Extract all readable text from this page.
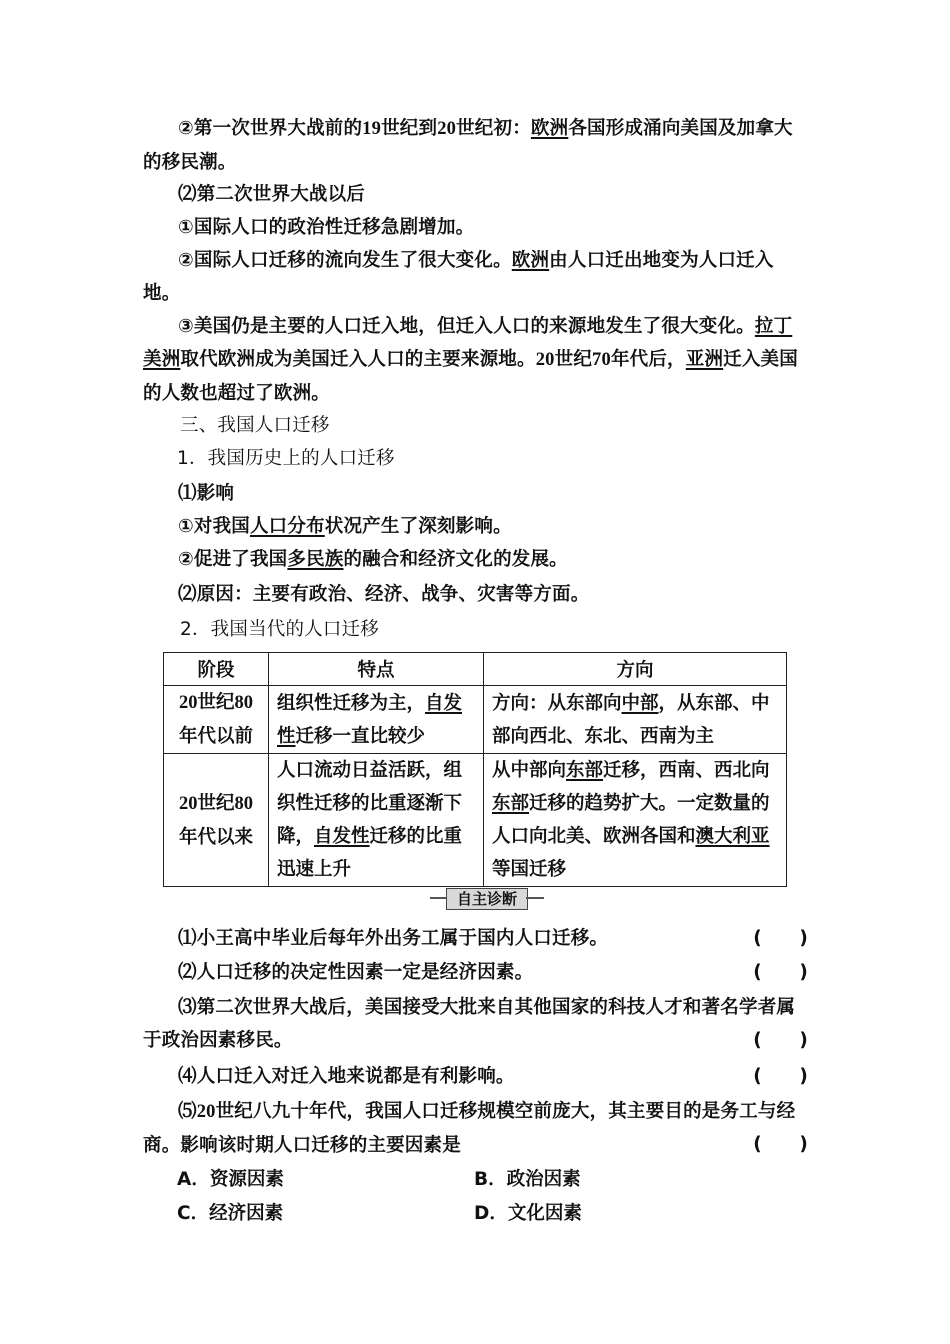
②第一次世界大战前的19世纪到20世纪初：欧洲各国形成涌向美国及加拿大的移民潮。
⑵第二次世界大战以后
①国际人口的政治性迁移急剧增加。
②国际人口迁移的流向发生了很大变化。欧洲由人口迁出地变为人口迁入地。
③美国仍是主要的人口迁入地，但迁入人口的来源地发生了很大变化。拉丁美洲取代欧洲成为美国迁入人口的主要来源地。20世纪70年代后，亚洲迁入美国的人数也超过了欧洲。
三、我国人口迁移
1．我国历史上的人口迁移
⑴影响
①对我国人口分布状况产生了深刻影响。
②促进了我国多民族的融合和经济文化的发展。
⑵原因：主要有政治、经济、战争、灾害等方面。
2．我国当代的人口迁移
阶段	特点	方向
20世纪80
年代以前	组织性迁移为主，自发性迁移一直比较少	方向：从东部向中部，从东部、中部向西北、东北、西南为主
20世纪80
年代以来	人口流动日益活跃，组织性迁移的比重逐渐下降，自发性迁移的比重迅速上升	从中部向东部迁移，西南、西北向东部迁移的趋势扩大。一定数量的人口向北美、欧洲各国和澳大利亚等国迁移
自主诊断
⑴小王高中毕业后每年外出务工属于国内人口迁移。	(　　)
⑵人口迁移的决定性因素一定是经济因素。	(　　)
⑶第二次世界大战后，美国接受大批来自其他国家的科技人才和著名学者属于政治因素移民。	(　　)
⑷人口迁入对迁入地来说都是有利影响。	(　　)
⑸20世纪八九十年代，我国人口迁移规模空前庞大，其主要目的是务工与经商。影响该时期人口迁移的主要因素是	(　　)
A．资源因素	B．政治因素
C．经济因素	D．文化因素
